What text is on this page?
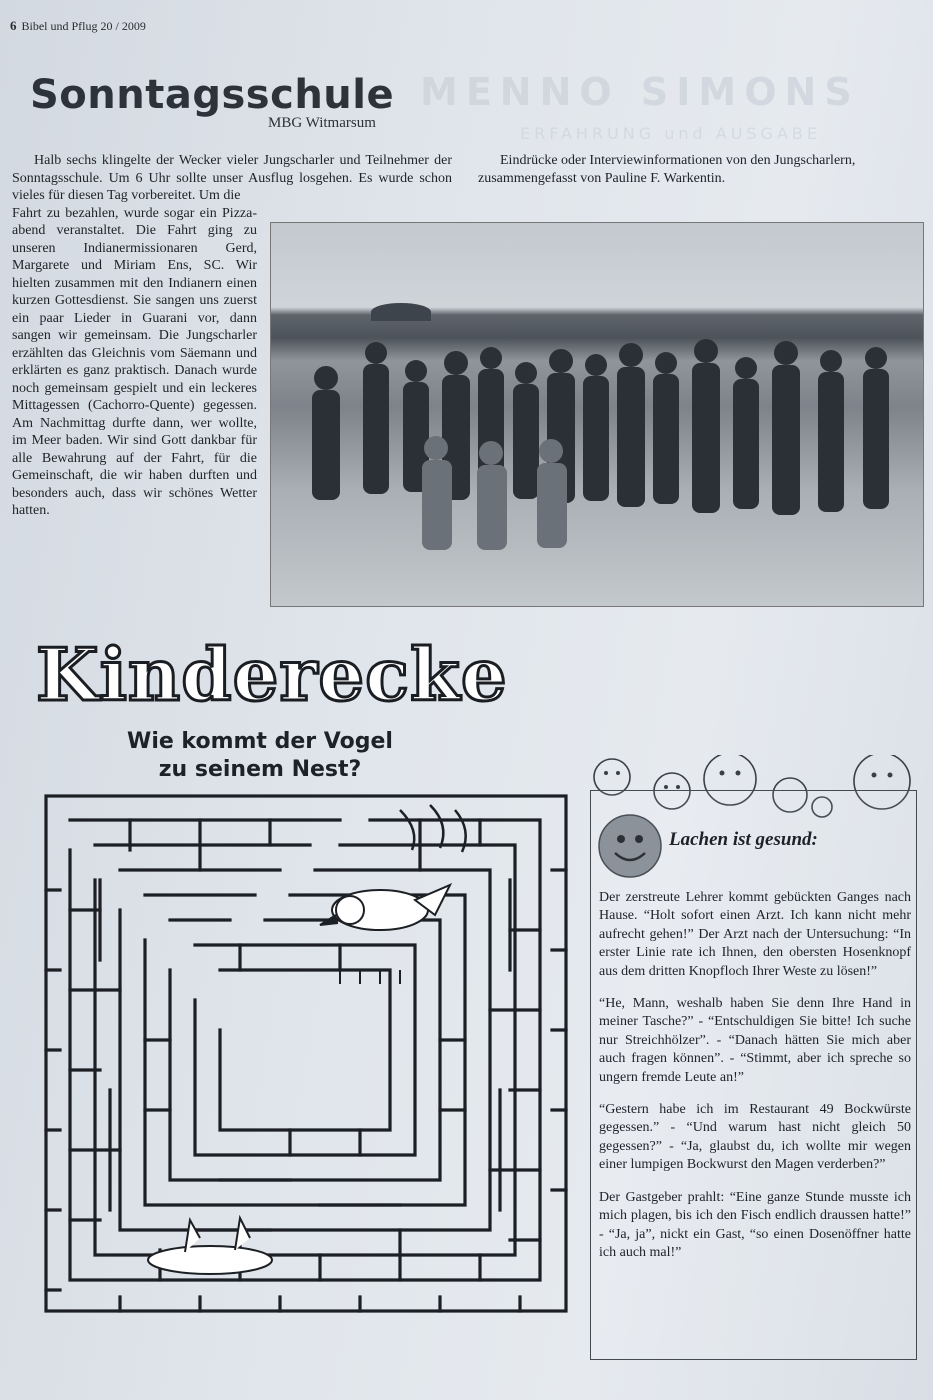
6 Bibel und Pflug 20 / 2009
MENNO SIMONS
ERFAHRUNG und AUSGABE
Sonntagsschule
MBG Witmarsum
Halb sechs klingelte der Wecker vieler Jungscharler und Teilnehmer der Sonntagsschule. Um 6 Uhr sollte unser Ausflug losgehen. Es wurde schon vieles für diesen Tag vorbereitet. Um die
Fahrt zu bezahlen, wurde sogar ein Pizza-abend veranstaltet. Die Fahrt ging zu unseren Indianermissionaren Gerd, Margarete und Miriam Ens, SC. Wir hielten zusammen mit den Indianern einen kurzen Gottesdienst. Sie sangen uns zuerst ein paar Lieder in Guarani vor, dann sangen wir gemeinsam. Die Jungscharler erzählten das Gleichnis vom Säemann und erklärten es ganz praktisch. Danach wurde noch gemeinsam gespielt und ein leckeres Mittagessen (Cachorro-Quente) gegessen. Am Nachmittag durfte dann, wer wollte, im Meer baden. Wir sind Gott dankbar für alle Bewahrung auf der Fahrt, für die Gemeinschaft, die wir haben durften und besonders auch, dass wir schönes Wetter hatten.
Eindrücke oder Interviewinformationen von den Jungscharlern, zusammengefasst von Pauline F. Warkentin.
Kinderecke
Wie kommt der Vogel zu seinem Nest?
Lachen ist gesund:

Der zerstreute Lehrer kommt gebückten Ganges nach Hause. “Holt sofort einen Arzt. Ich kann nicht mehr aufrecht gehen!” Der Arzt nach der Untersuchung: “In erster Linie rate ich Ihnen, den obersten Hosenknopf aus dem dritten Knopfloch Ihrer Weste zu lösen!”

“He, Mann, weshalb haben Sie denn Ihre Hand in meiner Tasche?” - “Entschuldigen Sie bitte! Ich suche nur Streichhölzer”. - “Danach hätten Sie mich aber auch fragen können”. - “Stimmt, aber ich spreche so ungern fremde Leute an!”

“Gestern habe ich im Restaurant 49 Bockwürste gegessen.” - “Und warum hast nicht gleich 50 gegessen?” - “Ja, glaubst du, ich wollte mir wegen einer lumpigen Bockwurst den Magen verderben?”

Der Gastgeber prahlt: “Eine ganze Stunde musste ich mich plagen, bis ich den Fisch endlich draussen hatte!” - “Ja, ja”, nickt ein Gast, “so einen Dosenöffner hatte ich auch mal!”
